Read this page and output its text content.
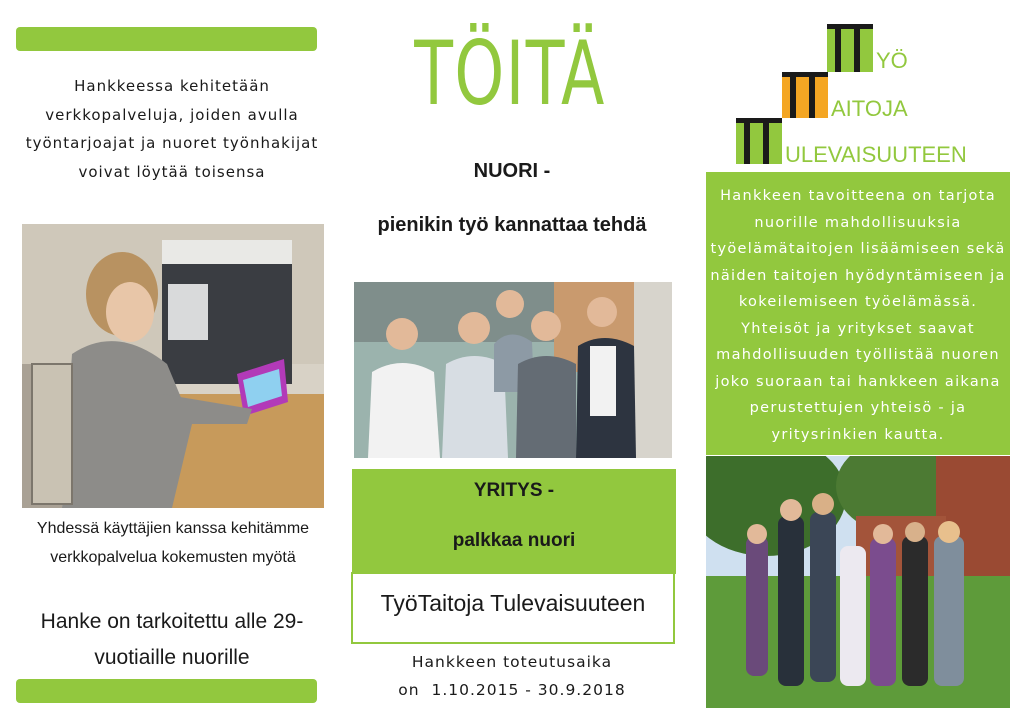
Hankkeessa kehitetään verkkopalveluja, joiden avulla työntarjoajat ja nuoret työnhakijat voivat löytää toisensa

Yhdessä käyttäjien kanssa kehitämme verkkopalvelua kokemusten myötä

Hanke on tarkoitettu alle 29-vuotiaille nuorille

TÖITÄ

NUORI -

pienikin työ kannattaa tehdä

YRITYS -

palkkaa nuori

TyöTaitoja Tulevaisuuteen

Hankkeen toteutusaika
on  1.10.2015 - 30.9.2018
YÖ
AITOJA
ULEVAISUUTEEN

Hankkeen tavoitteena on tarjota nuorille mahdollisuuksia työelämätaitojen lisäämiseen sekä näiden taitojen hyödyntämiseen ja kokeilemiseen työelämässä. Yhteisöt ja yritykset saavat mahdollisuuden työllistää nuoren joko suoraan tai hankkeen aikana perustettujen yhteisö - ja yritysrinkien kautta.
